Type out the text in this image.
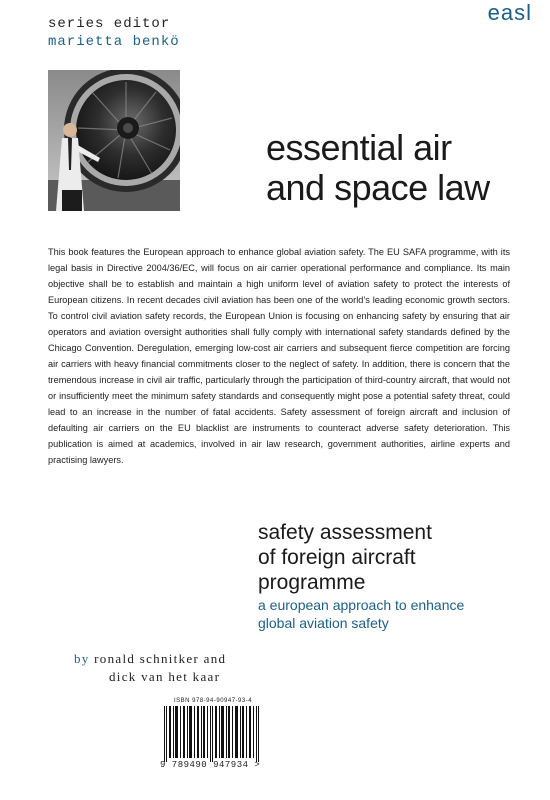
series editor
marietta benkö
easl
essential air
and space law
This book features the European approach to enhance global aviation safety. The EU SAFA programme, with its legal basis in Directive 2004/36/EC, will focus on air carrier operational performance and compliance. Its main objective shall be to establish and maintain a high uniform level of aviation safety to protect the interests of European citizens. In recent decades civil aviation has been one of the world’s leading economic growth sectors. To control civil aviation safety records, the European Union is focusing on enhancing safety by ensuring that air operators and aviation oversight authorities shall fully comply with international safety standards defined by the Chicago Convention. Deregulation, emerging low-cost air carriers and subsequent fierce competition are forcing air carriers with heavy financial commitments closer to the neglect of safety. In addition, there is concern that the tremendous increase in civil air traffic, particularly through the participation of third-country aircraft, that would not or insufficiently meet the minimum safety standards and consequently might pose a potential safety threat, could lead to an increase in the number of fatal accidents. Safety assessment of foreign aircraft and inclusion of defaulting air carriers on the EU blacklist are instruments to counteract adverse safety deterioration. This publication is aimed at academics, involved in air law research, government authorities, airline experts and practising lawyers.
safety assessment
of foreign aircraft
programme
a european approach to enhance
global aviation safety
by ronald schnitker and
dick van het kaar
ISBN 978-94-90947-93-4
9 789490 947934 >
